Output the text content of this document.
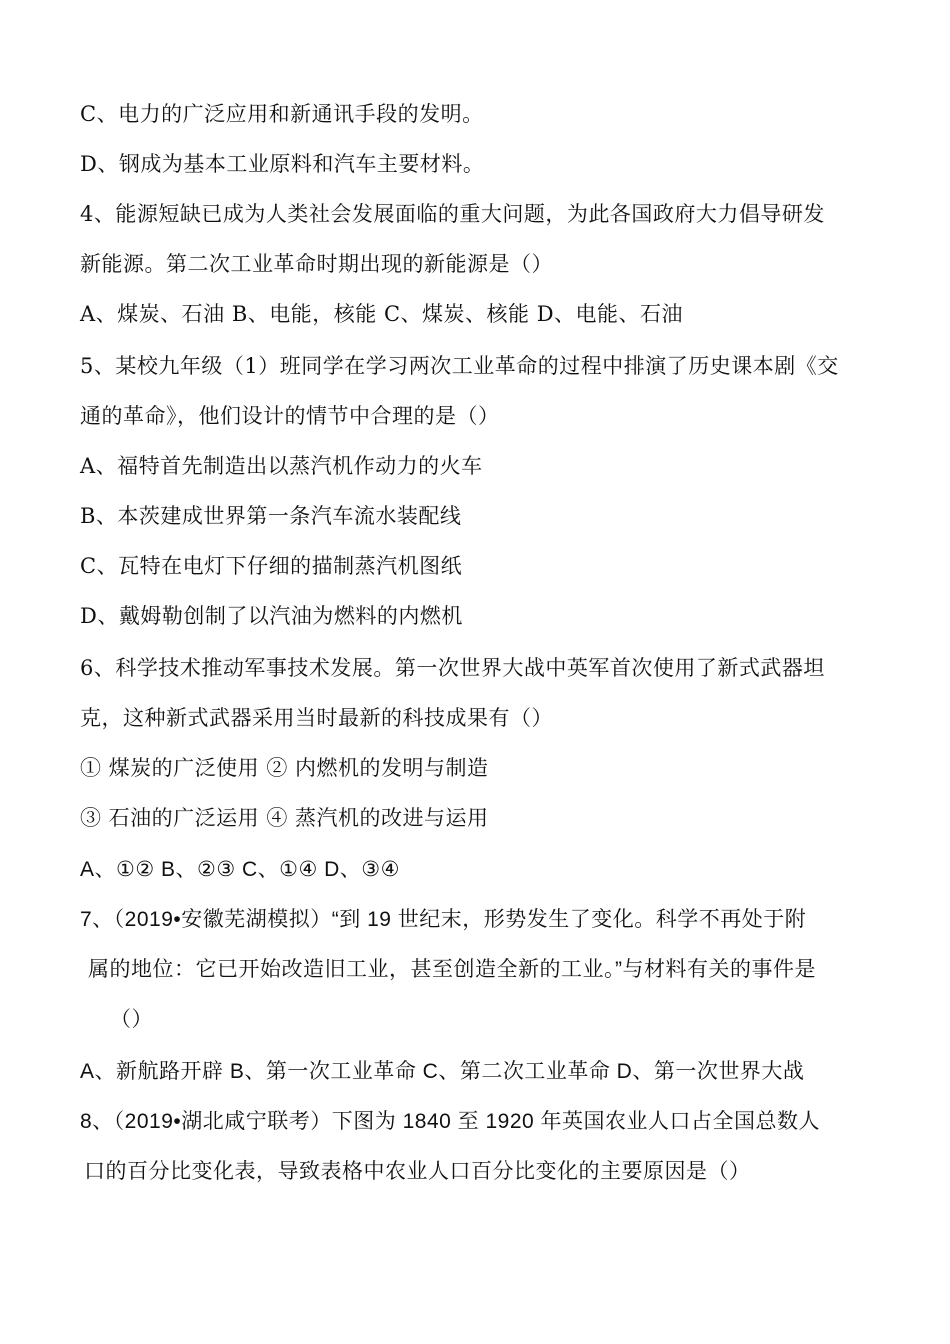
C、电力的广泛应用和新通讯手段的发明。
D、钢成为基本工业原料和汽车主要材料。
4、能源短缺已成为人类社会发展面临的重大问题，为此各国政府大力倡导研发
新能源。第二次工业革命时期出现的新能源是（）
A、煤炭、石油 B、电能，核能 C、煤炭、核能 D、电能、石油
5、某校九年级（1）班同学在学习两次工业革命的过程中排演了历史课本剧《交
通的革命》，他们设计的情节中合理的是（）
A、福特首先制造出以蒸汽机作动力的火车
B、本茨建成世界第一条汽车流水装配线
C、瓦特在电灯下仔细的描制蒸汽机图纸
D、戴姆勒创制了以汽油为燃料的内燃机
6、科学技术推动军事技术发展。第一次世界大战中英军首次使用了新式武器坦
克，这种新式武器采用当时最新的科技成果有（）
① 煤炭的广泛使用 ② 内燃机的发明与制造
③ 石油的广泛运用 ④ 蒸汽机的改进与运用
A、①② B、②③ C、①④ D、③④
7、（2019•安徽芜湖模拟）“到 19 世纪末，形势发生了变化。科学不再处于附
属的地位：它已开始改造旧工业，甚至创造全新的工业。”与材料有关的事件是
（）
A、新航路开辟 B、第一次工业革命 C、第二次工业革命 D、第一次世界大战
8、（2019•湖北咸宁联考）下图为 1840 至 1920 年英国农业人口占全国总数人
口的百分比变化表，导致表格中农业人口百分比变化的主要原因是（）
